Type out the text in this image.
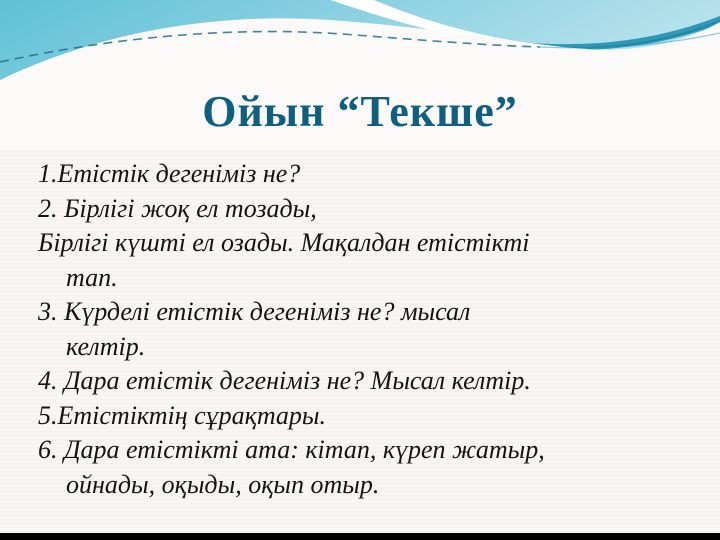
Ойын “Текше”
1.Етістік дегеніміз не?
2. Бірлігі жоқ ел тозады,
Бірлігі күшті ел озады. Мақалдан етістікті
тап.
3. Күрделі етістік дегеніміз не? мысал
келтір.
4. Дара етістік дегеніміз не? Мысал келтір.
5.Етістіктің сұрақтары.
6. Дара етістікті ата: кітап, күреп жатыр,
ойнады, оқыды, оқып отыр.
